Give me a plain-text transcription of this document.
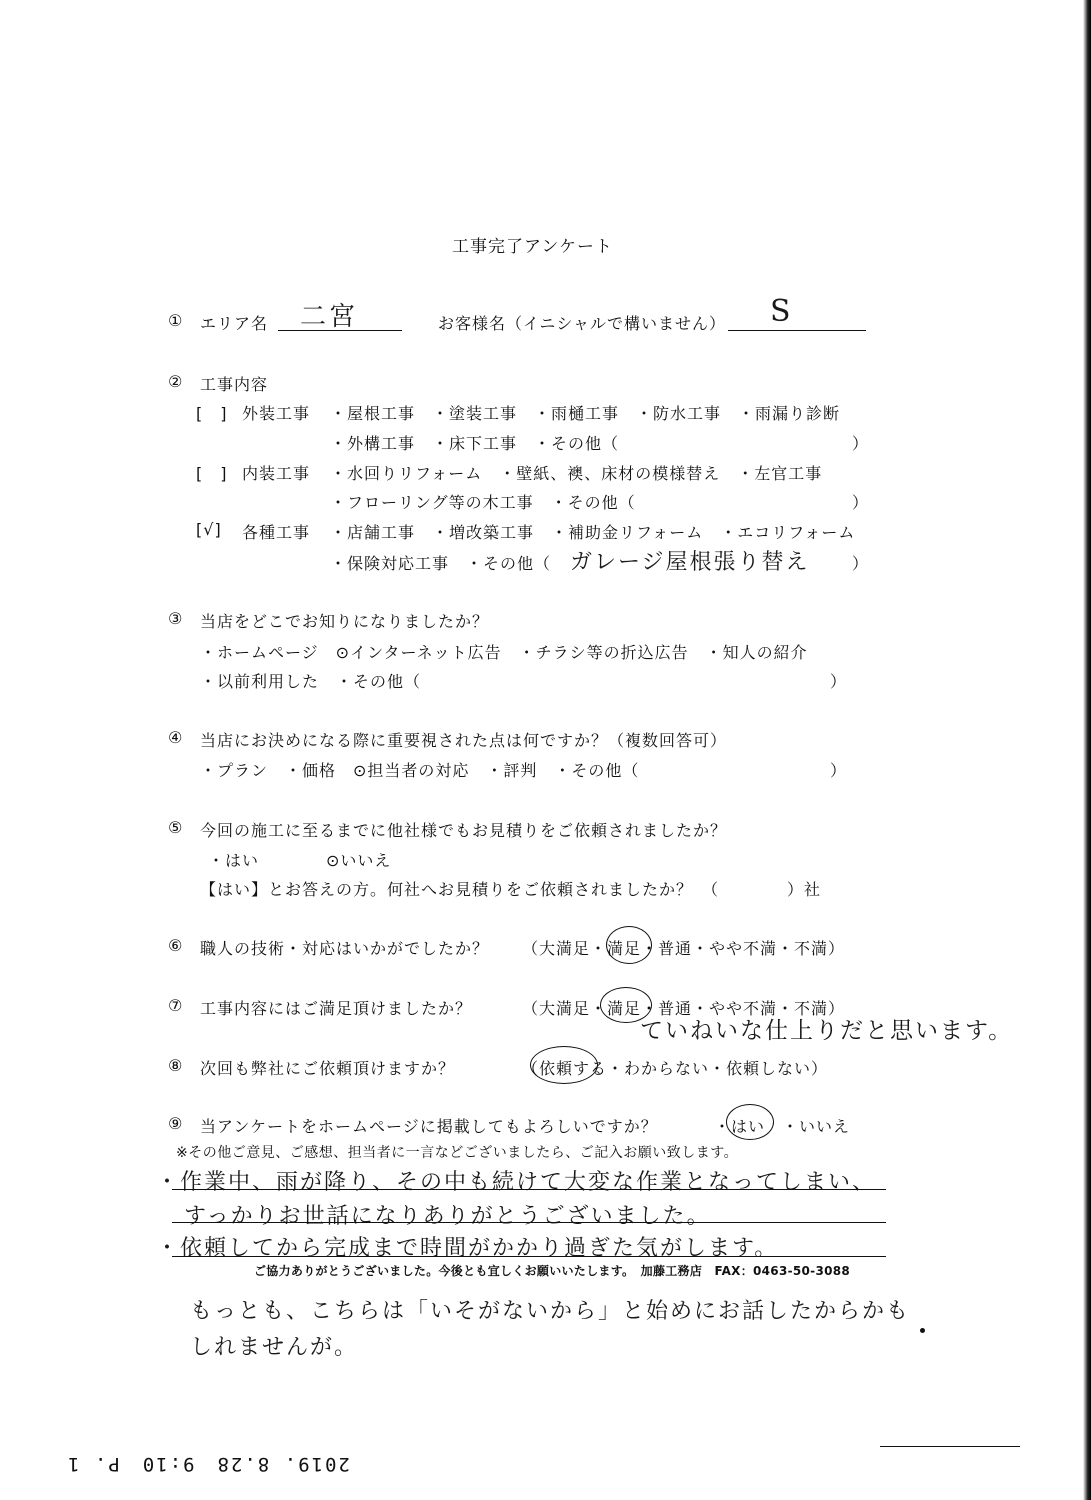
工事完了アンケート
① エリア名 二宮	お客様名（イニシャルで構いません） S
② 工事内容
[　] 外装工事 ・屋根工事　・塗装工事　・雨樋工事　・防水工事　・雨漏り診断
・外構工事　・床下工事　・その他（	）
[　] 内装工事 ・水回りリフォーム　・壁紙、襖、床材の模様替え　・左官工事
・フローリング等の木工事　・その他（	）
[√] 各種工事 ・店舗工事　・増改築工事　・補助金リフォーム　・エコリフォーム
・保険対応工事　・その他（ ガレージ屋根張り替え	）
③ 当店をどこでお知りになりましたか？
・ホームページ　⊙インターネット広告　・チラシ等の折込広告　・知人の紹介
・以前利用した　・その他（	）
④ 当店にお決めになる際に重要視された点は何ですか？（複数回答可）
・プラン　・価格　⊙担当者の対応　・評判　・その他（	）
⑤ 今回の施工に至るまでに他社様でもお見積りをご依頼されましたか？
・はい	⊙いいえ
【はい】とお答えの方。何社へお見積りをご依頼されましたか？　（　　　　）社
⑥ 職人の技術・対応はいかがでしたか？ （大満足・満足・普通・やや不満・不満）
⑦ 工事内容にはご満足頂けましたか？	（大満足・満足・普通・やや不満・不満）
ていねいな仕上りだと思います。
⑧ 次回も弊社にご依頼頂けますか？	（依頼する・わからない・依頼しない）
⑨ 当アンケートをホームページに掲載してもよろしいですか？	・はい　・いいえ
※その他ご意見、ご感想、担当者に一言などございましたら、ご記入お願い致します。
・作業中、雨が降り、その中も続けて大変な作業となってしまい、
すっかりお世話になりありがとうございました。
・依頼してから完成まで時間がかかり過ぎた気がします。
ご協力ありがとうございました。今後とも宜しくお願いいたします。　加藤工務店　FAX：0463-50-3088
もっとも、こちらは「いそがないから」と始めにお話したからかも
しれませんが。
2019. 8.28　9:10　P. 1
